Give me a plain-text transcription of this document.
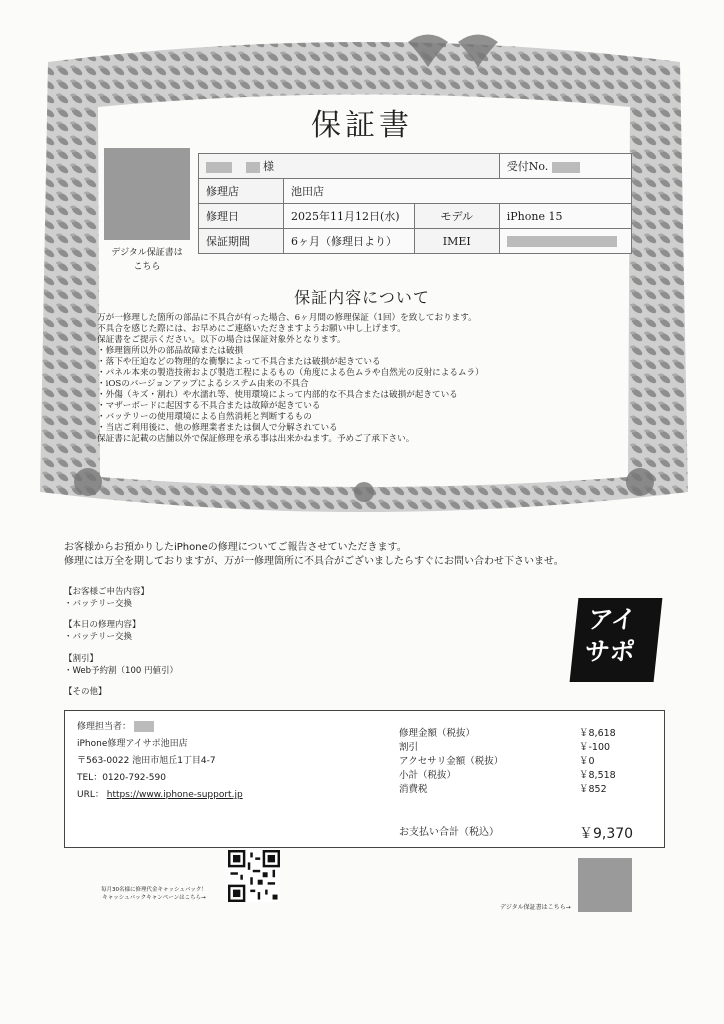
保証書
デジタル保証書は
こちら
様			受付No.
修理店	池田店		
修理日	2025年11月12日(水)	モデル	iPhone 15
保証期間	6ヶ月（修理日より）	IMEI	
保証内容について
万が一修理した箇所の部品に不具合が有った場合、6ヶ月間の修理保証（1回）を致しております。
不具合を感じた際には、お早めにご連絡いただきますようお願い申し上げます。
保証書をご提示ください。以下の場合は保証対象外となります。
・修理箇所以外の部品故障または破損
・落下や圧迫などの物理的な衝撃によって不具合または破損が起きている
・パネル本来の製造技術および製造工程によるもの（角度による色ムラや自然光の反射によるムラ）
・iOSのバージョンアップによるシステム由来の不具合
・外傷（キズ・割れ）や水濡れ等、使用環境によって内部的な不具合または破損が起きている
・マザーボードに起因する不具合または故障が起きている
・バッテリーの使用環境による自然消耗と判断するもの
・当店ご利用後に、他の修理業者または個人で分解されている
保証書に記載の店舗以外で保証修理を承る事は出来かねます。予めご了承下さい。
お客様からお預かりしたiPhoneの修理についてご報告させていただきます。
修理には万全を期しておりますが、万が一修理箇所に不具合がございましたらすぐにお問い合わせ下さいませ。
【お客様ご申告内容】
・バッテリー交換
【本日の修理内容】
・バッテリー交換
【割引】
・Web予約割（100 円値引）
【その他】
アイ
サポ
修理担当者：
iPhone修理アイサポ池田店
〒563-0022 池田市旭丘1丁目4-7
TEL：0120-792-590
URL： https://www.iphone-support.jp
修理金額（税抜）	￥8,618
割引	￥-100
アクセサリ金額（税抜）	￥0
小計（税抜）	￥8,518
消費税	￥852
お支払い合計（税込）	￥9,370
毎月30名様に修理代金キャッシュバック！
キャッシュバックキャンペーンはこちら→
デジタル保証書はこちら→
